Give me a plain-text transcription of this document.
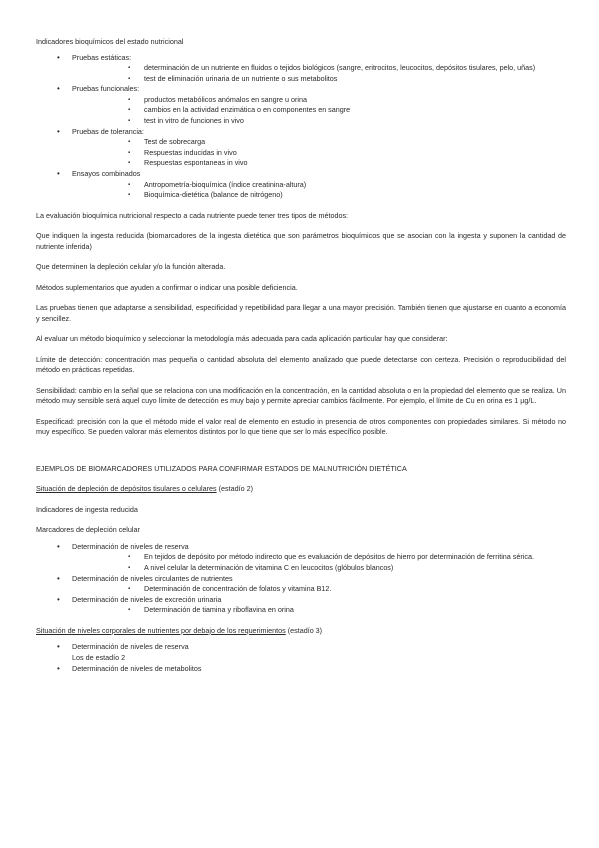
Indicadores bioquímicos del estado nutricional

• Pruebas estáticas:
▪ determinación de un nutriente en fluidos o tejidos biológicos (sangre, eritrocitos, leucocitos, depósitos tisulares, pelo, uñas)
▪ test de eliminación urinaria de un nutriente o sus metabolitos
• Pruebas funcionales:
▪ productos metabólicos anómalos en sangre u orina
▪ cambios en la actividad enzimática o en componentes en sangre
▪ test in vitro de funciones in vivo
• Pruebas de tolerancia:
▪ Test de sobrecarga
▪ Respuestas inducidas in vivo
▪ Respuestas espontaneas in vivo
• Ensayos combinados
▪ Antropometría-bioquímica (índice creatinina-altura)
▪ Bioquímica-dietética (balance de nitrógeno)

La evaluación bioquímica nutricional respecto a cada nutriente puede tener tres tipos de métodos:

Que indiquen la ingesta reducida (biomarcadores de la ingesta dietética que son parámetros bioquímicos que se asocian con la ingesta y suponen la cantidad de nutriente inferida)

Que determinen la depleción celular y/o la función alterada.

Métodos suplementarios que ayuden a confirmar o indicar una posible deficiencia.

Las pruebas tienen que adaptarse a sensibilidad, especificidad y repetibilidad para llegar a una mayor precisión. También tienen que ajustarse en cuanto a economía y sencillez.

Al evaluar un método bioquímico y seleccionar la metodología más adecuada para cada aplicación particular hay que considerar:

Límite de detección: concentración mas pequeña o cantidad absoluta del elemento analizado que puede detectarse con certeza. Precisión o reproducibilidad del método en prácticas repetidas.

Sensibilidad: cambio en la señal que se relaciona con una modificación en la concentración, en la cantidad absoluta o en la propiedad del elemento que se realiza. Un método muy sensible será aquel cuyo límite de detección es muy bajo y permite apreciar cambios fácilmente. Por ejemplo, el límite de Cu en orina es 1 µg/L.

Especificad: precisión con la que el método mide el valor real de elemento en estudio in presencia de otros componentes con propiedades similares. Si método no muy específico. Se pueden valorar más elementos distintos por lo que tiene que ser lo más específico posible.

EJEMPLOS DE BIOMARCADORES UTILIZADOS PARA CONFIRMAR ESTADOS DE MALNUTRICIÓN DIETÉTICA

Situación de depleción de depósitos tisulares o celulares (estadío 2)

Indicadores de ingesta reducida

Marcadores de depleción celular

• Determinación de niveles de reserva
▪ En tejidos de depósito por método indirecto que es evaluación de depósitos de hierro por determinación de ferritina sérica.
▪ A nivel celular la determinación de vitamina C en leucocitos (glóbulos blancos)
• Determinación de niveles circulantes de nutrientes
▪ Determinación de concentración de folatos y vitamina B12.
• Determinación de niveles de excreción urinaria
▪ Determinación de tiamina y riboflavina en orina

Situación de niveles corporales de nutrientes por debajo de los requerimientos (estadío 3)

• Determinación de niveles de reserva
Los de estadío 2
• Determinación de niveles de metabolitos
